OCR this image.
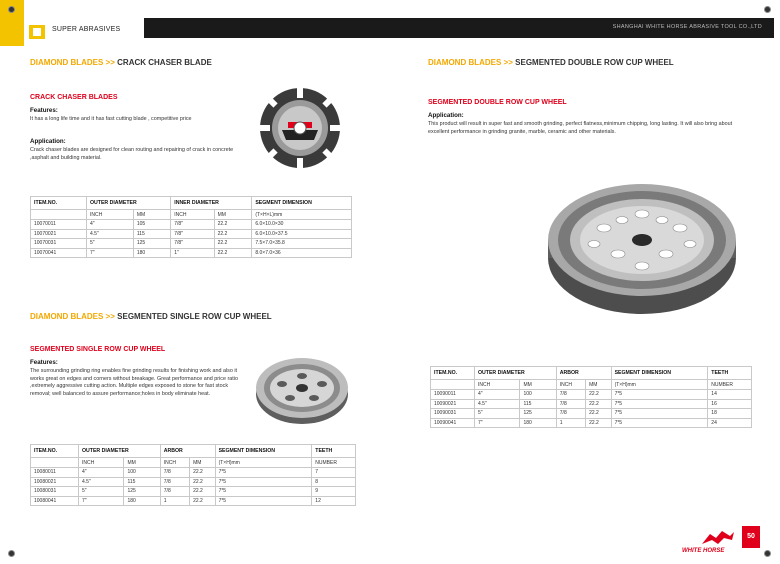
SUPER ABRASIVES	SHANGHAI WHITE HORSE ABRASIVE TOOL CO.,LTD
DIAMOND BLADES >> CRACK CHASER BLADE
CRACK CHASER BLADES
Features:
It has a long life time and it has fast cutting blade , competitive price
Application:
Crack chaser blades are designed for clean routing and repairing of crack in concrete ,asphalt and building material.
ITEM.NO.	OUTER DIAMETER		INNER DIAMETER		SEGMENT DIMENSION
	INCH	MM	INCH	MM	(T×H×L)mm
10070011	4"	105	7/8"	22.2	6.0×10.0×30
10070021	4.5"	115	7/8"	22.2	6.0×10.0×37.5
10070031	5"	125	7/8"	22.2	7.5×7.0×35.8
10070041	7"	180	1"	22.2	8.0×7.0×36
DIAMOND BLADES >> SEGMENTED SINGLE ROW CUP WHEEL
SEGMENTED SINGLE ROW CUP WHEEL
Features:
The surrounding grinding ring enables fine grinding results for finishing work and also it works great on edges and corners without breakage. Great performance and price ratio ,extremely aggressive cutting action. Multiple edges exposed to stone for fast stock removal; well balanced to assure performance;holes in body eliminate heat.
ITEM.NO.	OUTER DIAMETER		ARBOR		SEGMENT DIMENSION	TEETH
	INCH	MM	INCH	MM	(T×H)mm	NUMBER
10080011	4"	100	7/8	22.2	7*5	7
10080021	4.5"	115	7/8	22.2	7*5	8
10080031	5"	125	7/8	22.2	7*5	9
10080041	7"	180	1	22.2	7*5	12
DIAMOND BLADES >> SEGMENTED DOUBLE ROW CUP WHEEL
SEGMENTED DOUBLE ROW CUP WHEEL
Application:
This product will result in super fast and smooth grinding, perfect flatness,minimum chipping, long lasting. It will also bring about excellent performance in grinding granite, marble, ceramic and other materials.
ITEM.NO.	OUTER DIAMETER		ARBOR		SEGMENT DIMENSION	TEETH
	INCH	MM	INCH	MM	(T×H)mm	NUMBER
10090011	4"	100	7/8	22.2	7*5	14
10090021	4.5"	115	7/8	22.2	7*5	16
10090031	5"	125	7/8	22.2	7*5	18
10090041	7"	180	1	22.2	7*5	24
WHITE HORSE
50
